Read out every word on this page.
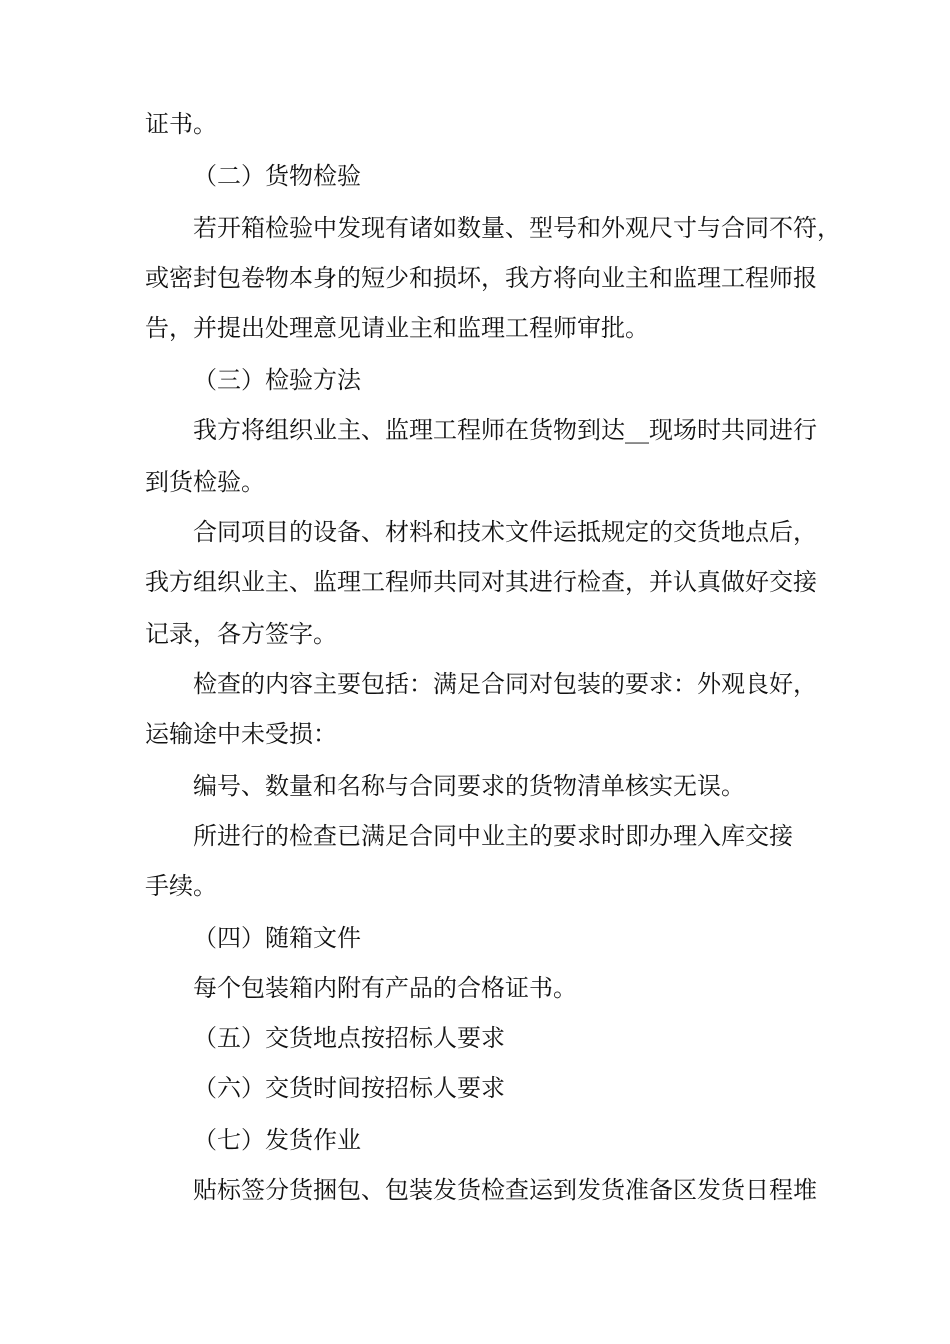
证书。
（二）货物检验
若开箱检验中发现有诸如数量、型号和外观尺寸与合同不符，
或密封包卷物本身的短少和损坏，我方将向业主和监理工程师报
告，并提出处理意见请业主和监理工程师审批。
（三）检验方法
我方将组织业主、监理工程师在货物到达__现场时共同进行
到货检验。
合同项目的设备、材料和技术文件运抵规定的交货地点后，
我方组织业主、监理工程师共同对其进行检查，并认真做好交接
记录，各方签字。
检查的内容主要包括：满足合同对包装的要求：外观良好，
运输途中未受损：
编号、数量和名称与合同要求的货物清单核实无误。
所进行的检查已满足合同中业主的要求时即办理入库交接
手续。
（四）随箱文件
每个包装箱内附有产品的合格证书。
（五）交货地点按招标人要求
（六）交货时间按招标人要求
（七）发货作业
贴标签分货捆包、包装发货检查运到发货准备区发货日程堆
